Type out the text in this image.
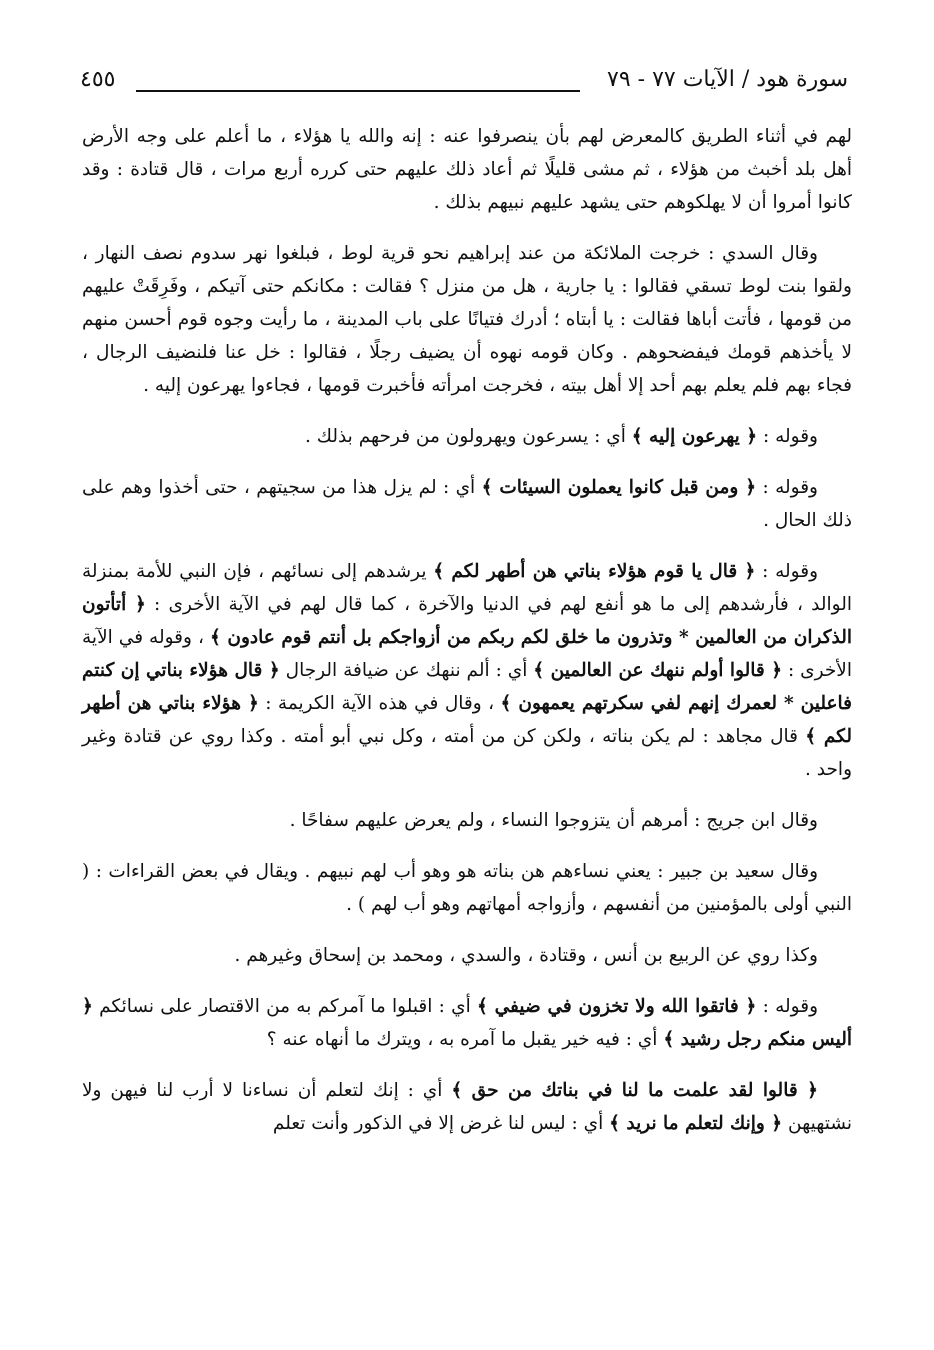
سورة هود / الآيات ٧٧ - ٧٩
٤٥٥

لهم في أثناء الطريق كالمعرض لهم بأن ينصرفوا عنه : إنه والله يا هؤلاء ، ما أعلم على وجه الأرض أهل بلد أخبث من هؤلاء ، ثم مشى قليلًا ثم أعاد ذلك عليهم حتى كرره أربع مرات ، قال قتادة : وقد كانوا أمروا أن لا يهلكوهم حتى يشهد عليهم نبيهم بذلك .

وقال السدي : خرجت الملائكة من عند إبراهيم نحو قرية لوط ، فبلغوا نهر سدوم نصف النهار ، ولقوا بنت لوط تسقي فقالوا : يا جارية ، هل من منزل ؟ فقالت : مكانكم حتى آتيكم ، وفَرِقَتْ عليهم من قومها ، فأتت أباها فقالت : يا أبتاه ؛ أدرك فتيانًا على باب المدينة ، ما رأيت وجوه قوم أحسن منهم لا يأخذهم قومك فيفضحوهم . وكان قومه نهوه أن يضيف رجلًا ، فقالوا : خل عنا فلنضيف الرجال ، فجاء بهم فلم يعلم بهم أحد إلا أهل بيته ، فخرجت امرأته فأخبرت قومها ، فجاءوا يهرعون إليه .

وقوله : ﴿ يهرعون إليه ﴾ أي : يسرعون ويهرولون من فرحهم بذلك .

وقوله : ﴿ ومن قبل كانوا يعملون السيئات ﴾ أي : لم يزل هذا من سجيتهم ، حتى أخذوا وهم على ذلك الحال .

وقوله : ﴿ قال يا قوم هؤلاء بناتي هن أطهر لكم ﴾ يرشدهم إلى نسائهم ، فإن النبي للأمة بمنزلة الوالد ، فأرشدهم إلى ما هو أنفع لهم في الدنيا والآخرة ، كما قال لهم في الآية الأخرى : ﴿ أتأتون الذكران من العالمين * وتذرون ما خلق لكم ربكم من أزواجكم بل أنتم قوم عادون ﴾ ، وقوله في الآية الأخرى : ﴿ قالوا أولم ننهك عن العالمين ﴾ أي : ألم ننهك عن ضيافة الرجال ﴿ قال هؤلاء بناتي إن كنتم فاعلين * لعمرك إنهم لفي سكرتهم يعمهون ﴾ ، وقال في هذه الآية الكريمة : ﴿ هؤلاء بناتي هن أطهر لكم ﴾ قال مجاهد : لم يكن بناته ، ولكن كن من أمته ، وكل نبي أبو أمته . وكذا روي عن قتادة وغير واحد .

وقال ابن جريج : أمرهم أن يتزوجوا النساء ، ولم يعرض عليهم سفاحًا .

وقال سعيد بن جبير : يعني نساءهم هن بناته هو وهو أب لهم نبيهم . ويقال في بعض القراءات : ( النبي أولى بالمؤمنين من أنفسهم ، وأزواجه أمهاتهم وهو أب لهم ) .

وكذا روي عن الربيع بن أنس ، وقتادة ، والسدي ، ومحمد بن إسحاق وغيرهم .

وقوله : ﴿ فاتقوا الله ولا تخزون في ضيفي ﴾ أي : اقبلوا ما آمركم به من الاقتصار على نسائكم ﴿ أليس منكم رجل رشيد ﴾ أي : فيه خير يقبل ما آمره به ، ويترك ما أنهاه عنه ؟

﴿ قالوا لقد علمت ما لنا في بناتك من حق ﴾ أي : إنك لتعلم أن نساءنا لا أرب لنا فيهن ولا نشتهيهن ﴿ وإنك لتعلم ما نريد ﴾ أي : ليس لنا غرض إلا في الذكور وأنت تعلم
